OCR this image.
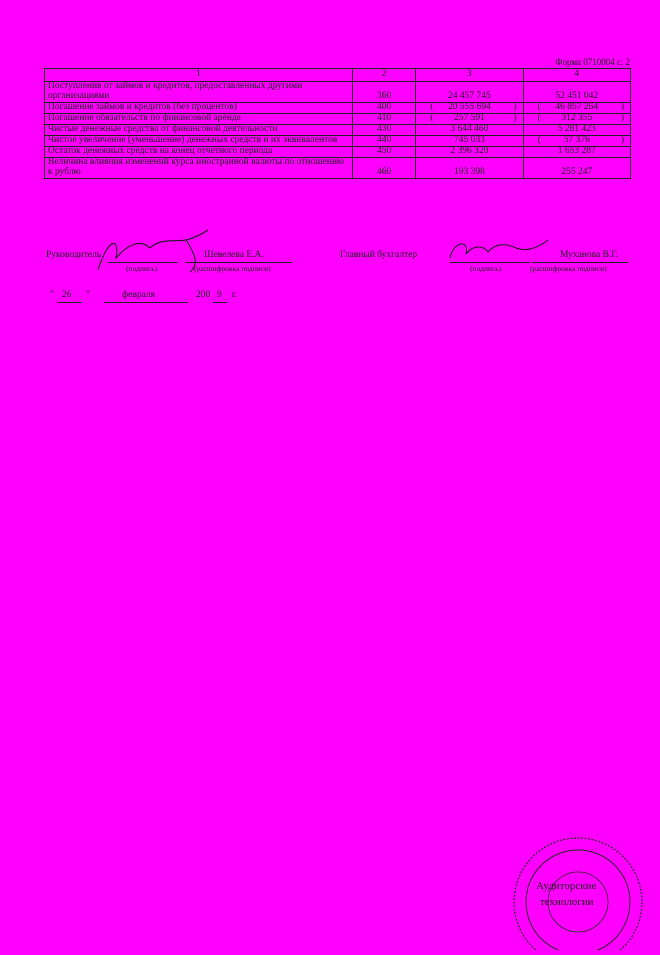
Форма 0710004 с. 2
1	2	3	4
Поступления от займов и кредитов, предоставленных другими организациями	360	24 457 745	52 451 042
Погашение займов и кредитов (без процентов)	400	( 20 555 694 )	( 46 857 264 )

Погашение обязательств по финансовой аренде	410	( 257 591 )	( 312 355 )

Чистые денежные средства от финансовой деятельности	430	3 644 460	5 281 423
Чистое увеличение (уменьшение) денежных средств и их эквивалентов	440	745 033	( 57 376 )

Остаток денежных средств на конец отчетного периода	450	2 396 320	1 653 287
Величина влияния изменений курса иностранной валюты по отношению к рублю	460	193 398	255 247
Руководитель	Шевелева Е.А.
(подпись)	(расшифровка подписи)
Главный бухгалтер	Муханова В.Г.
(подпись)	(расшифровка подписи)
" 26 "	февраля	200 9 г.
Аудиторские
технологии
